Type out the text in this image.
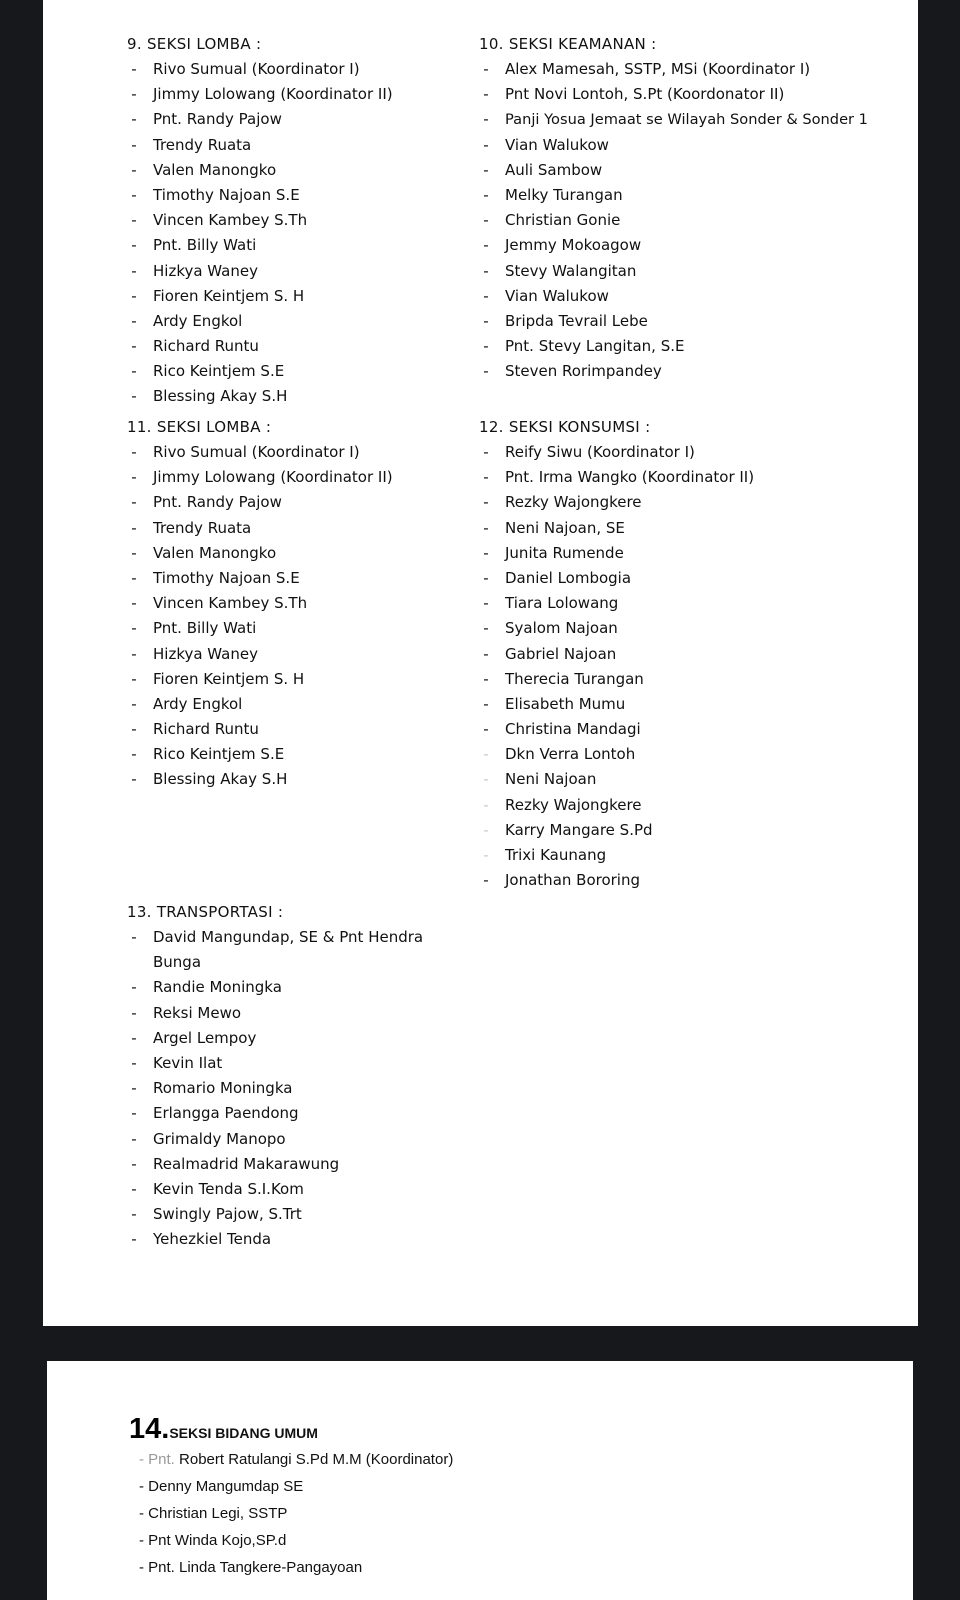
9. SEKSI LOMBA :
- Rivo Sumual (Koordinator I)
- Jimmy Lolowang (Koordinator II)
- Pnt. Randy Pajow
- Trendy Ruata
- Valen Manongko
- Timothy Najoan S.E
- Vincen Kambey S.Th
- Pnt. Billy Wati
- Hizkya Waney
- Fioren Keintjem S. H
- Ardy Engkol
- Richard Runtu
- Rico Keintjem S.E
- Blessing Akay S.H
10. SEKSI KEAMANAN :
- Alex Mamesah, SSTP, MSi (Koordinator I)
- Pnt Novi Lontoh, S.Pt (Koordonator II)
- Panji Yosua Jemaat se Wilayah Sonder & Sonder 1
- Vian Walukow
- Auli Sambow
- Melky Turangan
- Christian Gonie
- Jemmy Mokoagow
- Stevy Walangitan
- Vian Walukow
- Bripda Tevrail Lebe
- Pnt. Stevy Langitan, S.E
- Steven Rorimpandey
11. SEKSI LOMBA :
- Rivo Sumual (Koordinator I)
- Jimmy Lolowang (Koordinator II)
- Pnt. Randy Pajow
- Trendy Ruata
- Valen Manongko
- Timothy Najoan S.E
- Vincen Kambey S.Th
- Pnt. Billy Wati
- Hizkya Waney
- Fioren Keintjem S. H
- Ardy Engkol
- Richard Runtu
- Rico Keintjem S.E
- Blessing Akay S.H
12. SEKSI KONSUMSI :
- Reify Siwu (Koordinator I)
- Pnt. Irma Wangko (Koordinator II)
- Rezky Wajongkere
- Neni Najoan, SE
- Junita Rumende
- Daniel Lombogia
- Tiara Lolowang
- Syalom Najoan
- Gabriel Najoan
- Therecia Turangan
- Elisabeth Mumu
- Christina Mandagi
- Dkn Verra Lontoh
- Neni Najoan
- Rezky Wajongkere
- Karry Mangare S.Pd
- Trixi Kaunang
- Jonathan Bororing
13. TRANSPORTASI :
- David Mangundap, SE & Pnt Hendra
Bunga
- Randie Moningka
- Reksi Mewo
- Argel Lempoy
- Kevin Ilat
- Romario Moningka
- Erlangga Paendong
- Grimaldy Manopo
- Realmadrid Makarawung
- Kevin Tenda S.I.Kom
- Swingly Pajow, S.Trt
- Yehezkiel Tenda
14.SEKSI BIDANG UMUM
- Pnt. Robert Ratulangi S.Pd M.M (Koordinator)
- Denny Mangumdap SE
- Christian Legi, SSTP
- Pnt Winda Kojo,SP.d
- Pnt. Linda Tangkere-Pangayoan
